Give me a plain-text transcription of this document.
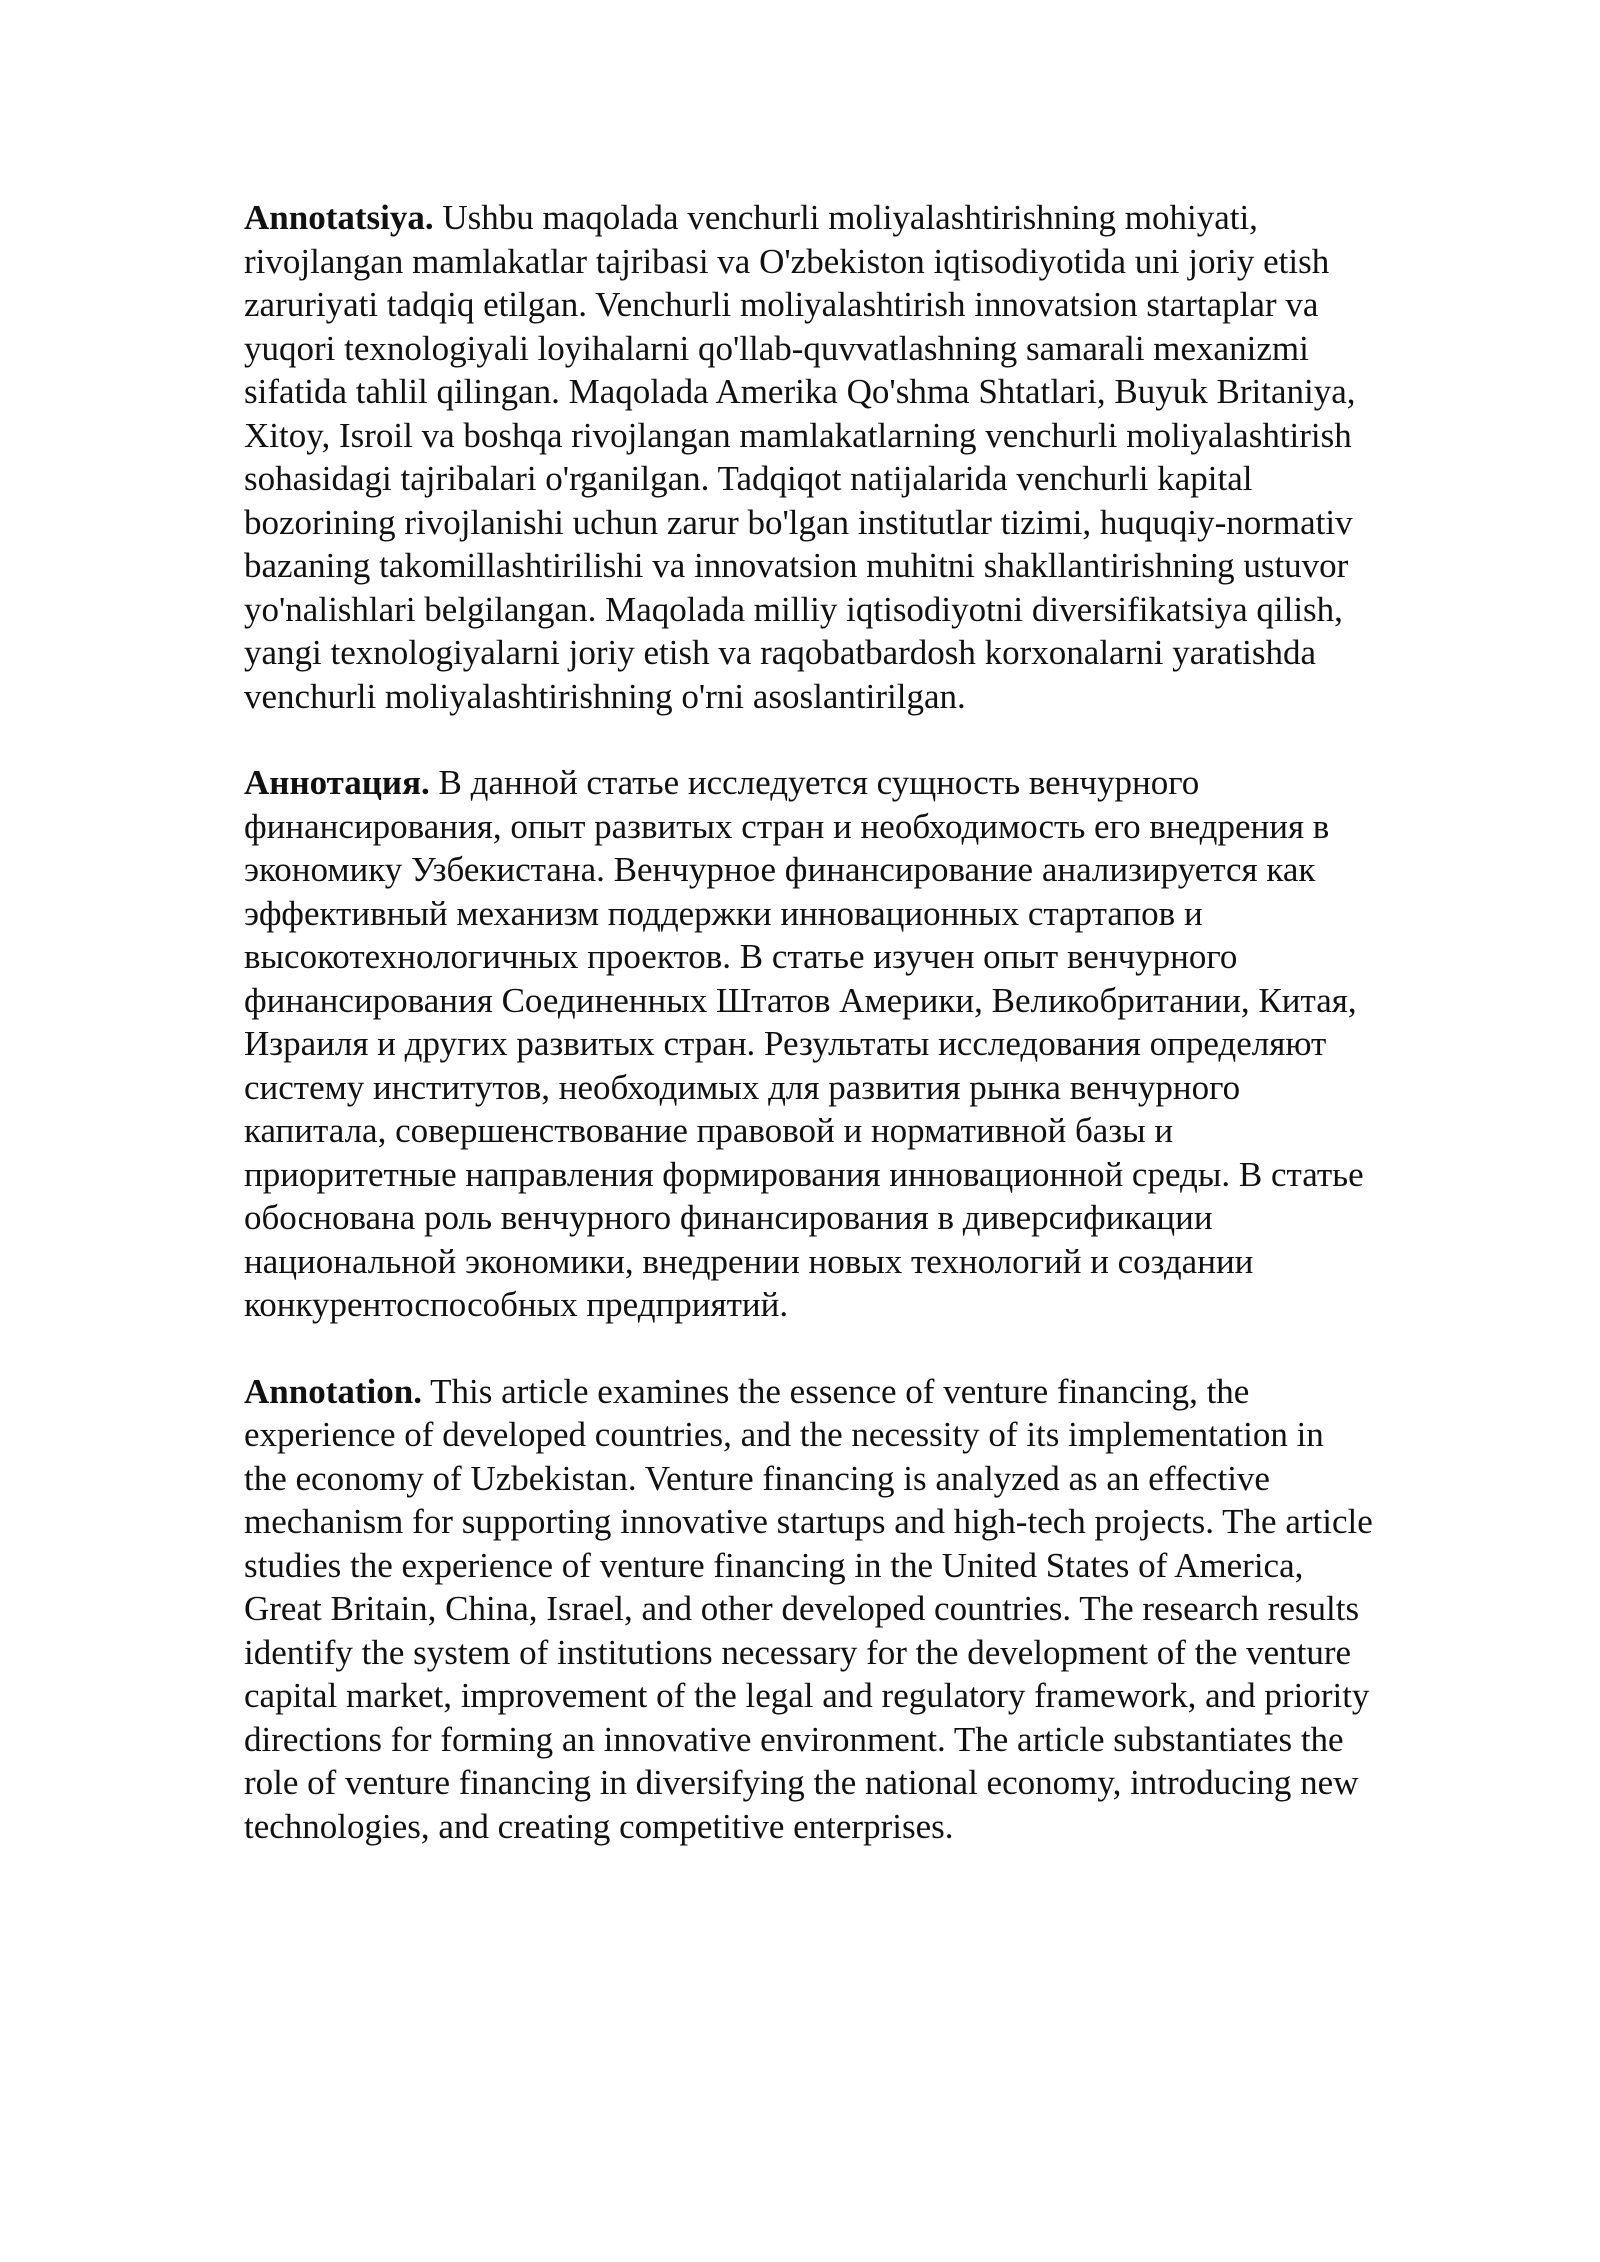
Annotatsiya. Ushbu maqolada venchurli moliyalashtirishning mohiyati, rivojlangan mamlakatlar tajribasi va O'zbekiston iqtisodiyotida uni joriy etish zaruriyati tadqiq etilgan. Venchurli moliyalashtirish innovatsion startaplar va yuqori texnologiyali loyihalarni qo'llab-quvvatlashning samarali mexanizmi sifatida tahlil qilingan. Maqolada Amerika Qo'shma Shtatlari, Buyuk Britaniya, Xitoy, Isroil va boshqa rivojlangan mamlakatlarning venchurli moliyalashtirish sohasidagi tajribalari o'rganilgan. Tadqiqot natijalarida venchurli kapital bozorining rivojlanishi uchun zarur bo'lgan institutlar tizimi, huquqiy-normativ bazaning takomillashtirilishi va innovatsion muhitni shakllantirishning ustuvor yo'nalishlari belgilangan. Maqolada milliy iqtisodiyotni diversifikatsiya qilish, yangi texnologiyalarni joriy etish va raqobatbardosh korxonalarni yaratishda venchurli moliyalashtirishning o'rni asoslantirilgan.

Аннотация. В данной статье исследуется сущность венчурного финансирования, опыт развитых стран и необходимость его внедрения в экономику Узбекистана. Венчурное финансирование анализируется как эффективный механизм поддержки инновационных стартапов и высокотехнологичных проектов. В статье изучен опыт венчурного финансирования Соединенных Штатов Америки, Великобритании, Китая, Израиля и других развитых стран. Результаты исследования определяют систему институтов, необходимых для развития рынка венчурного капитала, совершенствование правовой и нормативной базы и приоритетные направления формирования инновационной среды. В статье обоснована роль венчурного финансирования в диверсификации национальной экономики, внедрении новых технологий и создании конкурентоспособных предприятий.

Annotation. This article examines the essence of venture financing, the experience of developed countries, and the necessity of its implementation in the economy of Uzbekistan. Venture financing is analyzed as an effective mechanism for supporting innovative startups and high-tech projects. The article studies the experience of venture financing in the United States of America, Great Britain, China, Israel, and other developed countries. The research results identify the system of institutions necessary for the development of the venture capital market, improvement of the legal and regulatory framework, and priority directions for forming an innovative environment. The article substantiates the role of venture financing in diversifying the national economy, introducing new technologies, and creating competitive enterprises.
